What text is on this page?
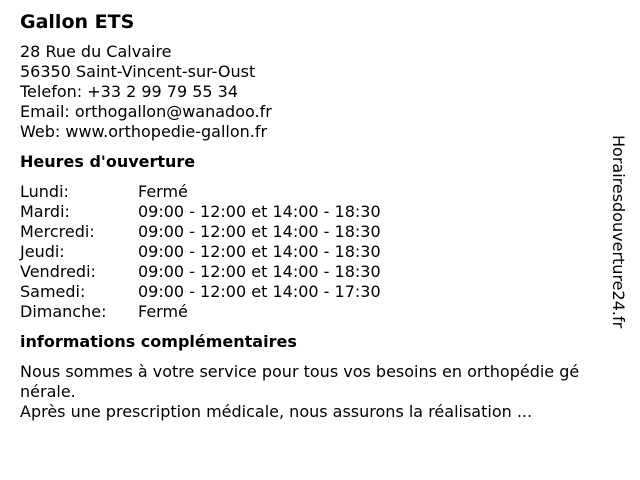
Gallon ETS
28 Rue du Calvaire
56350 Saint-Vincent-sur-Oust
Telefon: +33 2 99 79 55 34
Email: orthogallon@wanadoo.fr
Web: www.orthopedie-gallon.fr
Heures d'ouverture
Lundi:	Fermé
Mardi:	09:00 - 12:00 et 14:00 - 18:30
Mercredi:	09:00 - 12:00 et 14:00 - 18:30
Jeudi:	09:00 - 12:00 et 14:00 - 18:30
Vendredi:	09:00 - 12:00 et 14:00 - 18:30
Samedi:	09:00 - 12:00 et 14:00 - 17:30
Dimanche: Fermé
informations complémentaires
Nous sommes à votre service pour tous vos besoins en orthopédie gé
nérale.
Après une prescription médicale, nous assurons la réalisation ...
Horairesdouverture24.fr
